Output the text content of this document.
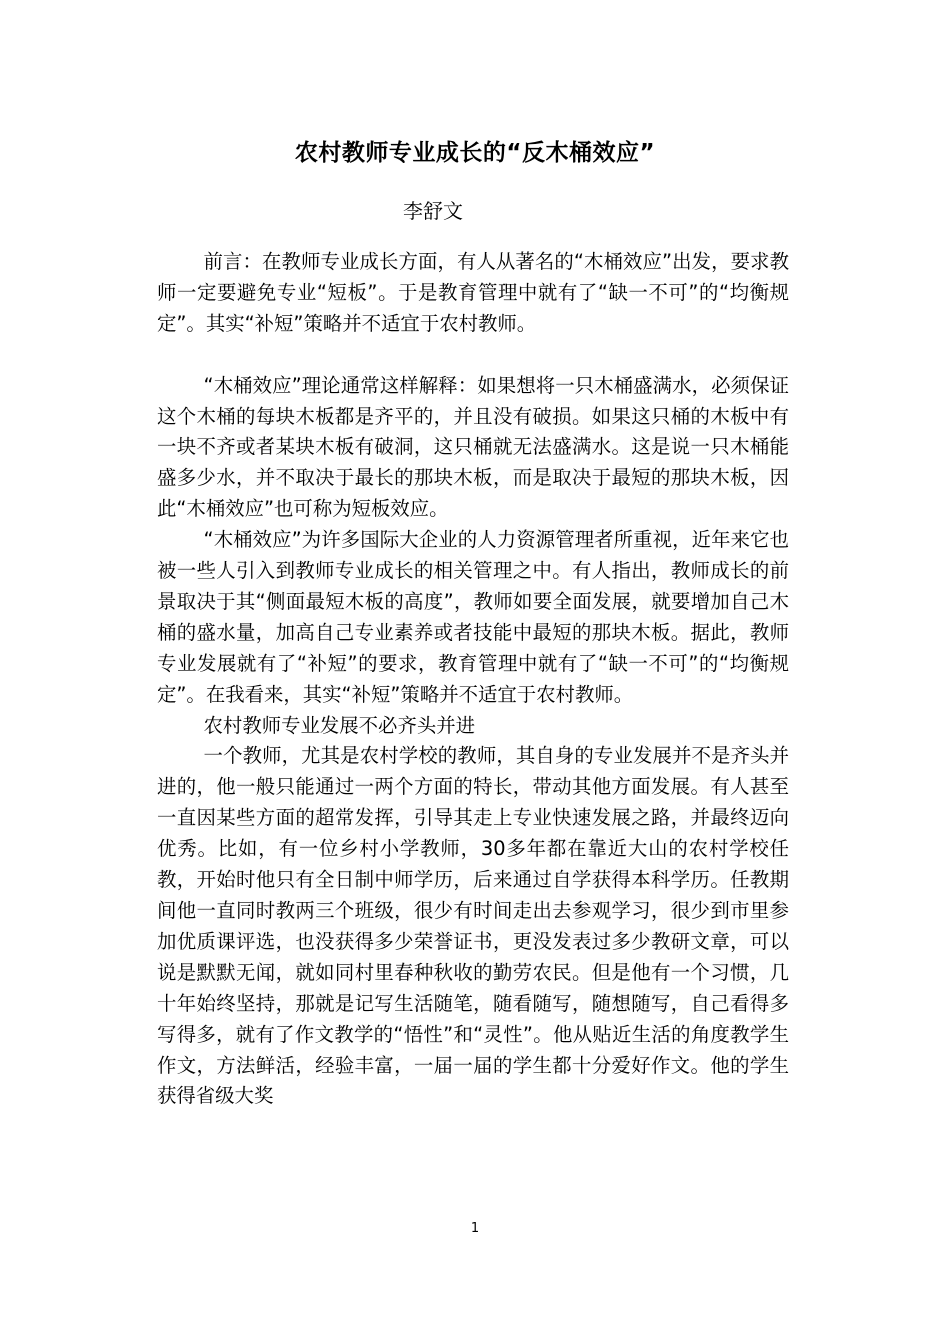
农村教师专业成长的“反木桶效应”
李舒文

前言：在教师专业成长方面，有人从著名的“木桶效应”出发，要求教师一定要避免专业“短板”。于是教育管理中就有了“缺一不可”的“均衡规定”。其实“补短”策略并不适宜于农村教师。

“木桶效应”理论通常这样解释：如果想将一只木桶盛满水，必须保证这个木桶的每块木板都是齐平的，并且没有破损。如果这只桶的木板中有一块不齐或者某块木板有破洞，这只桶就无法盛满水。这是说一只木桶能盛多少水，并不取决于最长的那块木板，而是取决于最短的那块木板，因此“木桶效应”也可称为短板效应。

“木桶效应”为许多国际大企业的人力资源管理者所重视，近年来它也被一些人引入到教师专业成长的相关管理之中。有人指出，教师成长的前景取决于其“侧面最短木板的高度”，教师如要全面发展，就要增加自己木桶的盛水量，加高自己专业素养或者技能中最短的那块木板。据此，教师专业发展就有了“补短”的要求，教育管理中就有了“缺一不可”的“均衡规定”。在我看来，其实“补短”策略并不适宜于农村教师。

农村教师专业发展不必齐头并进

一个教师，尤其是农村学校的教师，其自身的专业发展并不是齐头并进的，他一般只能通过一两个方面的特长，带动其他方面发展。有人甚至一直因某些方面的超常发挥，引导其走上专业快速发展之路，并最终迈向优秀。比如，有一位乡村小学教师，30多年都在靠近大山的农村学校任教，开始时他只有全日制中师学历，后来通过自学获得本科学历。任教期间他一直同时教两三个班级，很少有时间走出去参观学习，很少到市里参加优质课评选，也没获得多少荣誉证书，更没发表过多少教研文章，可以说是默默无闻，就如同村里春种秋收的勤劳农民。但是他有一个习惯，几十年始终坚持，那就是记写生活随笔，随看随写，随想随写，自己看得多写得多，就有了作文教学的“悟性”和“灵性”。他从贴近生活的角度教学生作文，方法鲜活，经验丰富，一届一届的学生都十分爱好作文。他的学生获得省级大奖

1
